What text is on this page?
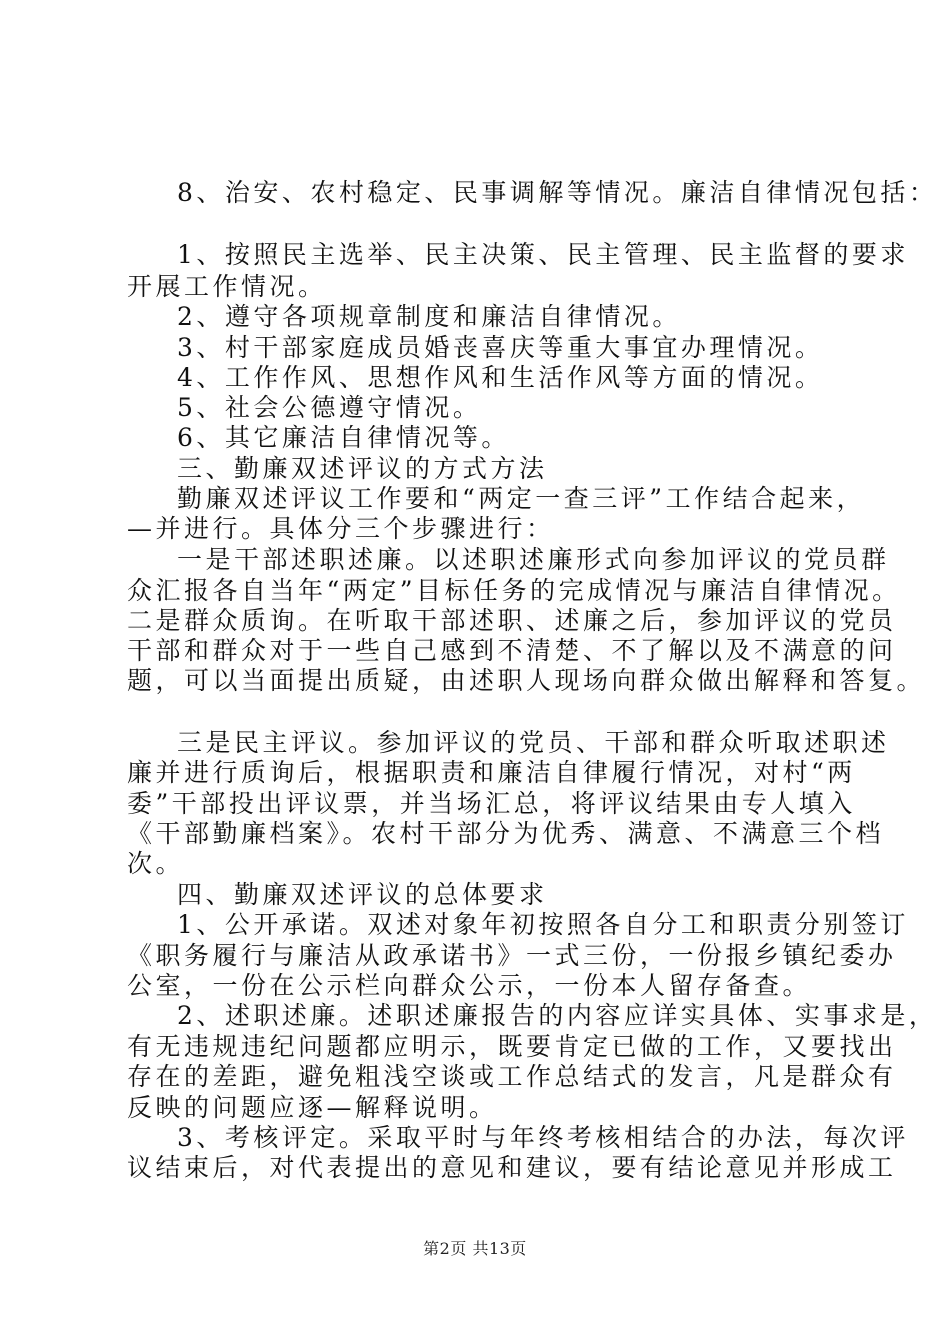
8、治安、农村稳定、民事调解等情况。廉洁自律情况包括：
1、按照民主选举、民主决策、民主管理、民主监督的要求
开展工作情况。
2、遵守各项规章制度和廉洁自律情况。
3、村干部家庭成员婚丧喜庆等重大事宜办理情况。
4、工作作风、思想作风和生活作风等方面的情况。
5、社会公德遵守情况。
6、其它廉洁自律情况等。
三、勤廉双述评议的方式方法
勤廉双述评议工作要和“两定一查三评”工作结合起来，
—并进行。具体分三个步骤进行：
一是干部述职述廉。以述职述廉形式向参加评议的党员群
众汇报各自当年“两定”目标任务的完成情况与廉洁自律情况。
二是群众质询。在听取干部述职、述廉之后，参加评议的党员
干部和群众对于一些自己感到不清楚、不了解以及不满意的问
题，可以当面提出质疑，由述职人现场向群众做出解释和答复。
三是民主评议。参加评议的党员、干部和群众听取述职述
廉并进行质询后，根据职责和廉洁自律履行情况，对村“两
委”干部投出评议票，并当场汇总，将评议结果由专人填入
《干部勤廉档案》。农村干部分为优秀、满意、不满意三个档
次。
四、勤廉双述评议的总体要求
1、公开承诺。双述对象年初按照各自分工和职责分别签订
《职务履行与廉洁从政承诺书》一式三份，一份报乡镇纪委办
公室，一份在公示栏向群众公示，一份本人留存备查。
2、述职述廉。述职述廉报告的内容应详实具体、实事求是，
有无违规违纪问题都应明示，既要肯定已做的工作，又要找出
存在的差距，避免粗浅空谈或工作总结式的发言，凡是群众有
反映的问题应逐—解释说明。
3、考核评定。采取平时与年终考核相结合的办法，每次评
议结束后，对代表提出的意见和建议，要有结论意见并形成工
第2页 共13页
